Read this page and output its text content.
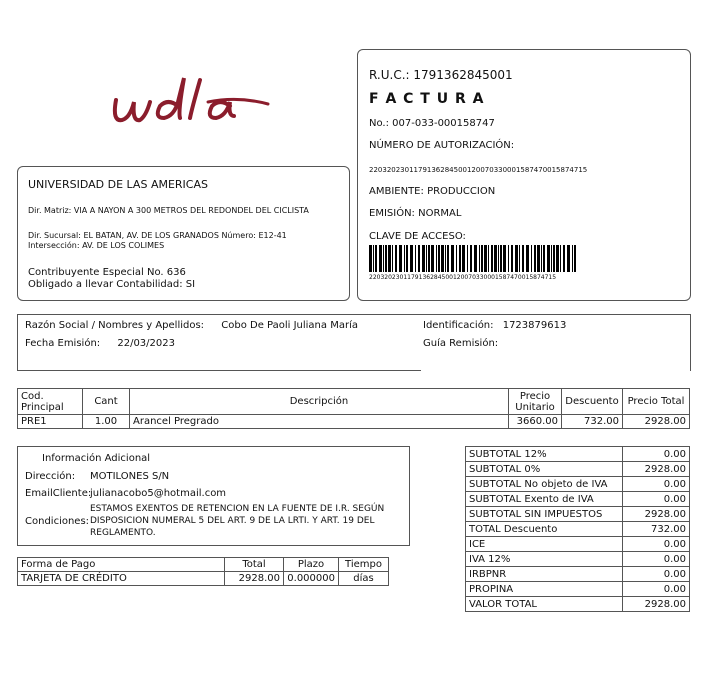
R.U.C.: 1791362845001
F A C T U R A
No.: 007-033-000158747
NÚMERO DE AUTORIZACIÓN:
2203202301179136284500120070330001587470015874715
AMBIENTE: PRODUCCION
EMISIÓN: NORMAL
CLAVE DE ACCESO:
2203202301179136284500120070330001587470015874715
UNIVERSIDAD DE LAS AMERICAS
Dir. Matriz: VIA A NAYON A 300 METROS DEL REDONDEL DEL CICLISTA
Dir. Sucursal: EL BATAN, AV. DE LOS GRANADOS Número: E12-41
Intersección: AV. DE LOS COLIMES
Contribuyente Especial No. 636
Obligado a llevar Contabilidad: SI
Razón Social / Nombres y Apellidos: Cobo De Paoli Juliana María	Identificación: 1723879613
Fecha Emisión: 22/03/2023	Guía Remisión:
Cod. Principal	Cant	Descripción	Precio Unitario	Descuento	Precio Total
PRE1	1.00	Arancel Pregrado	3660.00	732.00	2928.00
Información Adicional
Dirección: MOTILONES S/N
EmailCliente:
julianacobo5@hotmail.com
Condiciones:
ESTAMOS EXENTOS DE RETENCION EN LA FUENTE DE I.R. SEGÚN DISPOSICION NUMERAL 5 DEL ART. 9 DE LA LRTI. Y ART. 19 DEL REGLAMENTO.
Forma de Pago	Total	Plazo	Tiempo
TARJETA DE CRÉDITO	2928.00	0.000000	días
SUBTOTAL 12%	0.00
SUBTOTAL 0%	2928.00
SUBTOTAL No objeto de IVA	0.00
SUBTOTAL Exento de IVA	0.00
SUBTOTAL SIN IMPUESTOS	2928.00
TOTAL Descuento	732.00
ICE	0.00
IVA 12%	0.00
IRBPNR	0.00
PROPINA	0.00
VALOR TOTAL	2928.00
